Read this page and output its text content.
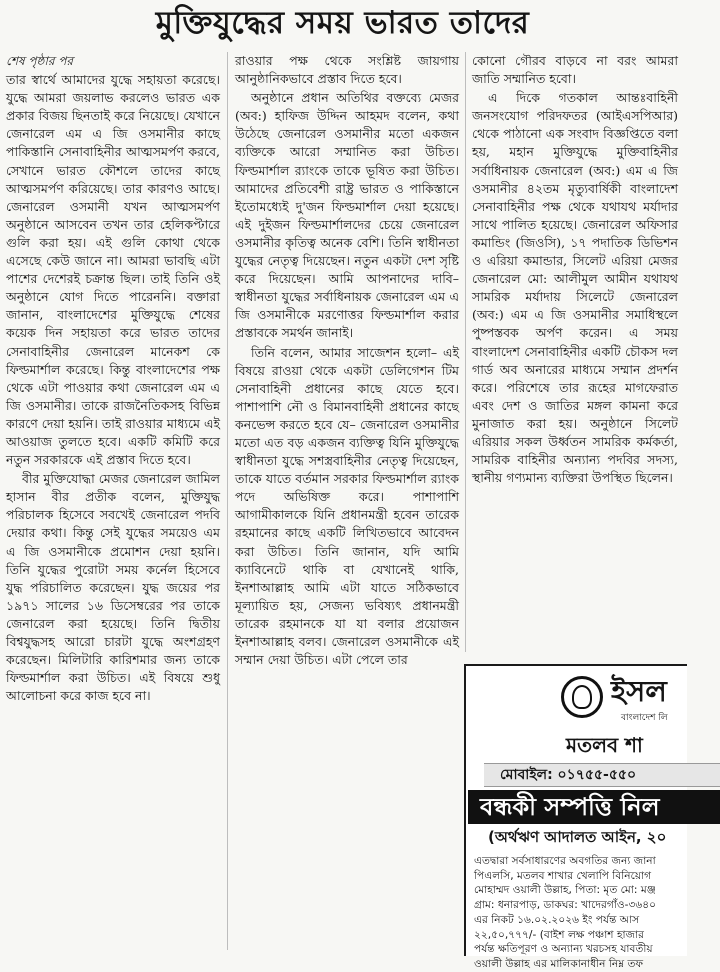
মুক্তিযুদ্ধের সময় ভারত তাদের

শেষ পৃষ্ঠার পর

তার স্বার্থে আমাদের যুদ্ধে সহায়তা করেছে। যুদ্ধে আমরা জয়লাভ করলেও ভারত এক প্রকার বিজয় ছিনতাই করে নিয়েছে। যেখানে জেনারেল এম এ জি ওসমানীর কাছে পাকিস্তানি সেনাবাহিনীর আত্মসমর্পণ করবে, সেখানে ভারত কৌশলে তাদের কাছে আত্মসমর্পণ করিয়েছে। তার কারণও আছে। জেনারেল ওসমানী যখন আত্মসমর্পণ অনুষ্ঠানে আসবেন তখন তার হেলিকপ্টারে গুলি করা হয়। এই গুলি কোথা থেকে এসেছে কেউ জানে না। আমরা ভাবছি এটা পাশের দেশেরই চক্রান্ত ছিল। তাই তিনি ওই অনুষ্ঠানে যোগ দিতে পারেননি। বক্তারা জানান, বাংলাদেশের মুক্তিযুদ্ধে শেষের কয়েক দিন সহায়তা করে ভারত তাদের সেনাবাহিনীর জেনারেল মানেকশ কে ফিল্ডমার্শাল করেছে। কিন্তু বাংলাদেশের পক্ষ থেকে এটা পাওয়ার কথা জেনারেল এম এ জি ওসমানীর। তাকে রাজনৈতিকসহ বিভিন্ন কারণে দেয়া হয়নি। তাই রাওয়ার মাধ্যমে এই আওয়াজ তুলতে হবে। একটি কমিটি করে নতুন সরকারকে এই প্রস্তাব দিতে হবে।

বীর মুক্তিযোদ্ধা মেজর জেনারেল জামিল হাসান বীর প্রতীক বলেন, মুক্তিযুদ্ধ পরিচালক হিসেবে সবখেই জেনারেল পদবি দেয়ার কথা। কিন্তু সেই যুদ্ধের সময়েও এম এ জি ওসমানীকে প্রমোশন দেয়া হয়নি। তিনি যুদ্ধের পুরোটা সময় কর্নেল হিসেবে যুদ্ধ পরিচালিত করেছেন। যুদ্ধ জয়ের পর ১৯৭১ সালের ১৬ ডিসেম্বরের পর তাকে জেনারেল করা হয়েছে। তিনি দ্বিতীয় বিশ্বযুদ্ধসহ আরো চারটা যুদ্ধে অংশগ্রহণ করেছেন। মিলিটারি কারিশমার জন্য তাকে ফিল্ডমার্শাল করা উচিত। এই বিষয়ে শুধু আলোচনা করে কাজ হবে না।

রাওয়ার পক্ষ থেকে সংশ্লিষ্ট জায়গায় আনুষ্ঠানিকভাবে প্রস্তাব দিতে হবে।

অনুষ্ঠানে প্রধান অতিথির বক্তব্যে মেজর (অব:) হাফিজ উদ্দিন আহমদ বলেন, কথা উঠেছে জেনারেল ওসমানীর মতো একজন ব্যক্তিকে আরো সম্মানিত করা উচিত। ফিল্ডমার্শাল র‍্যাংকে তাকে ভূষিত করা উচিত। আমাদের প্রতিবেশী রাষ্ট্র ভারত ও পাকিস্তানে ইতোমধ্যেই দু'জন ফিল্ডমার্শাল দেয়া হয়েছে। এই দুইজন ফিল্ডমার্শালদের চেয়ে জেনারেল ওসমানীর কৃতিত্ব অনেক বেশি। তিনি স্বাধীনতা যুদ্ধের নেতৃত্ব দিয়েছেন। নতুন একটা দেশ সৃষ্টি করে দিয়েছেন। আমি আপনাদের দাবি– স্বাধীনতা যুদ্ধের সর্বাধিনায়ক জেনারেল এম এ জি ওসমানীকে মরণোত্তর ফিল্ডমার্শাল করার প্রস্তাবকে সমর্থন জানাই।

তিনি বলেন, আমার সাজেশন হলো– এই বিষয়ে রাওয়া থেকে একটা ডেলিগেশন টিম সেনাবাহিনী প্রধানের কাছে যেতে হবে। পাশাপাশি নৌ ও বিমানবাহিনী প্রধানের কাছে কনভেন্স করতে হবে যে– জেনারেল ওসমানীর মতো এত বড় একজন ব্যক্তিত্ব যিনি মুক্তিযুদ্ধে স্বাধীনতা যুদ্ধে সশস্ত্রবাহিনীর নেতৃত্ব দিয়েছেন, তাকে যাতে বর্তমান সরকার ফিল্ডমার্শাল র‍্যাংক পদে অভিষিক্ত করে। পাশাপাশি আগামীকালকে যিনি প্রধানমন্ত্রী হবেন তারেক রহমানের কাছে একটি লিখিতভাবে আবেদন করা উচিত। তিনি জানান, যদি আমি ক্যাবিনেটে থাকি বা যেখানেই থাকি, ইনশাআল্লাহ আমি এটা যাতে সঠিকভাবে মূল্যায়িত হয়, সেজন্য ভবিষ্যৎ প্রধানমন্ত্রী তারেক রহমানকে যা যা বলার প্রয়োজন ইনশাআল্লাহ বলব। জেনারেল ওসমানীকে এই সম্মান দেয়া উচিত। এটা পেলে তার

কোনো গৌরব বাড়বে না বরং আমরা জাতি সম্মানিত হবো।

এ দিকে গতকাল আন্তঃবাহিনী জনসংযোগ পরিদফতর (আইএসপিআর) থেকে পাঠানো এক সংবাদ বিজ্ঞপ্তিতে বলা হয়, মহান মুক্তিযুদ্ধে মুক্তিবাহিনীর সর্বাধিনায়ক জেনারেল (অব:) এম এ জি ওসমানীর ৪২তম মৃত্যুবার্ষিকী বাংলাদেশ সেনাবাহিনীর পক্ষ থেকে যথাযথ মর্যাদার সাথে পালিত হয়েছে। জেনারেল অফিসার কমান্ডিং (জিওসি), ১৭ পদাতিক ডিভিশন ও এরিয়া কমান্ডার, সিলেট এরিয়া মেজর জেনারেল মো: আলীমুল আমীন যথাযথ সামরিক মর্যাদায় সিলেটে জেনারেল (অব:) এম এ জি ওসমানীর সমাধিস্থলে পুষ্পস্তবক অর্পণ করেন। এ সময় বাংলাদেশ সেনাবাহিনীর একটি চৌকস দল গার্ড অব অনারের মাধ্যমে সম্মান প্রদর্শন করে। পরিশেষে তার রূহের মাগফেরাত এবং দেশ ও জাতির মঙ্গল কামনা করে মুনাজাত করা হয়। অনুষ্ঠানে সিলেট এরিয়ার সকল উর্ধ্বতন সামরিক কর্মকর্তা, সামরিক বাহিনীর অন্যান্য পদবির সদস্য, স্থানীয় গণ্যমান্য ব্যক্তিরা উপস্থিত ছিলেন।

ইসল
বাংলাদেশ লি
মতলব শা
মোবাইল: ০১৭৫৫-৫৫০
বন্ধকী সম্পত্তি নিল
(অর্থঋণ আদালত আইন, ২০
এতদ্বারা সর্বসাধারণের অবগতির জন্য জানা
পিএলসি, মতলব শাখার খেলাপি বিনিয়োগ
মোহাম্মদ ওয়ালী উল্লাহ, পিতা: মৃত মো: মঞ্জ
গ্রাম: ধনারপাড়, ডাকঘর: খাদেরগাঁও-৩৬৪০
এর নিকট ১৬.০২.২০২৬ ইং পর্যন্ত আস
২২,৫০,৭৭৭/- (বাইশ লক্ষ পঞ্চাশ হাজার
পর্যন্ত ক্ষতিপূরণ ও অন্যান্য খরচসহ যাবতীয়
ওয়ালী উল্লাহ এর মালিকানাধীন নিম্ন তফ
